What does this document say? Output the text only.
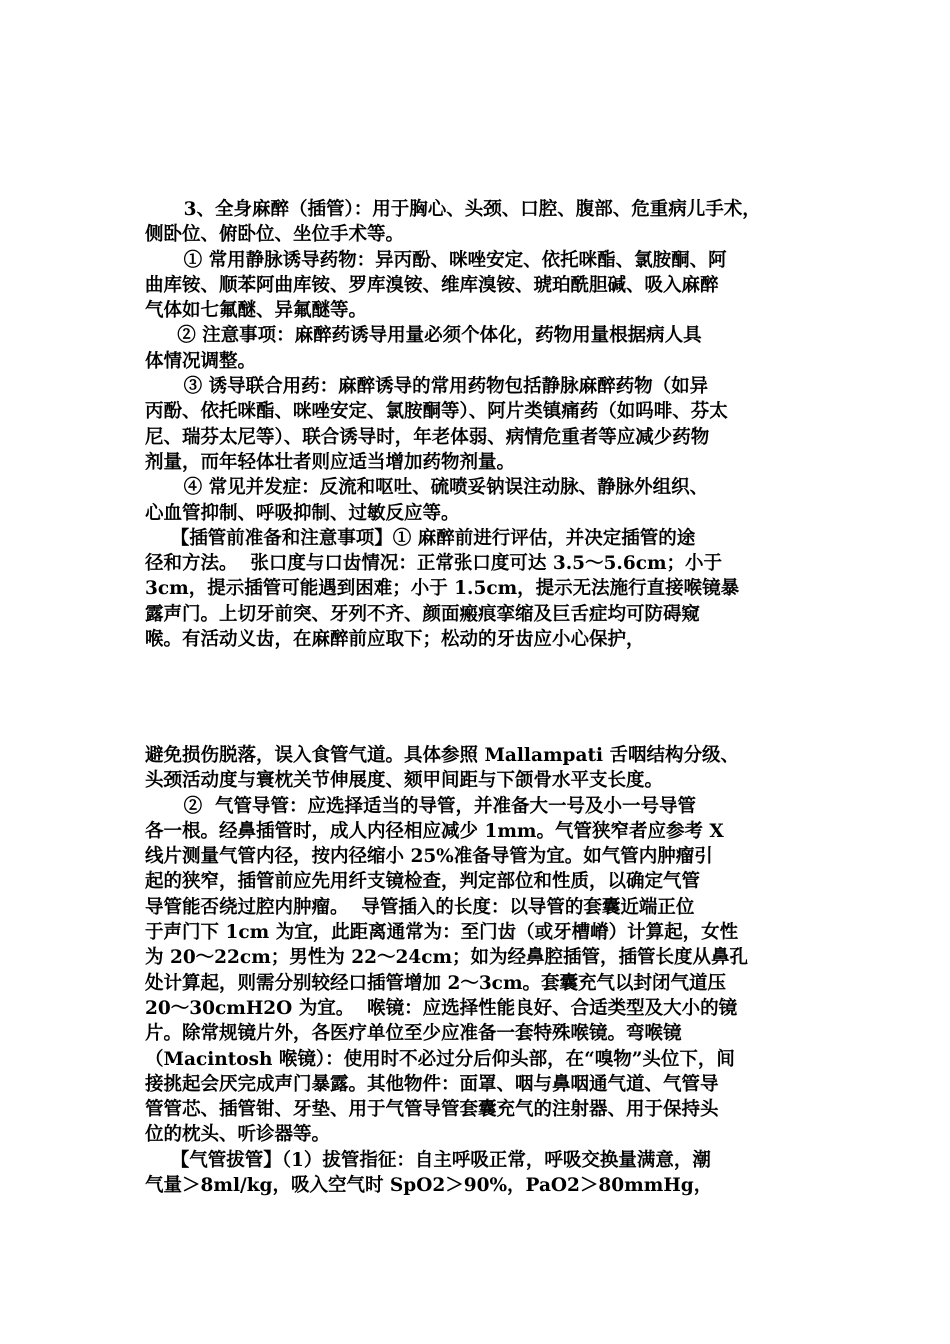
3、全身麻醉（插管）：用于胸心、头颈、口腔、腹部、危重病儿手术，
侧卧位、俯卧位、坐位手术等。
① 常用静脉诱导药物：异丙酚、咪唑安定、依托咪酯、氯胺酮、阿
曲库铵、顺苯阿曲库铵、罗库溴铵、维库溴铵、琥珀酰胆碱、吸入麻醉
气体如七氟醚、异氟醚等。
② 注意事项：麻醉药诱导用量必须个体化，药物用量根据病人具
体情况调整。
③ 诱导联合用药：麻醉诱导的常用药物包括静脉麻醉药物（如异
丙酚、依托咪酯、咪唑安定、氯胺酮等）、阿片类镇痛药（如吗啡、芬太
尼、瑞芬太尼等）、联合诱导时，年老体弱、病情危重者等应减少药物
剂量，而年轻体壮者则应适当增加药物剂量。
④ 常见并发症：反流和呕吐、硫喷妥钠误注动脉、静脉外组织、
心血管抑制、呼吸抑制、过敏反应等。
【插管前准备和注意事项】① 麻醉前进行评估，并决定插管的途
径和方法。  张口度与口齿情况：正常张口度可达 3.5～5.6cm；小于
3cm，提示插管可能遇到困难；小于 1.5cm，提示无法施行直接喉镜暴
露声门。上切牙前突、牙列不齐、颜面瘢痕挛缩及巨舌症均可防碍窥
喉。有活动义齿，在麻醉前应取下；松动的牙齿应小心保护，
避免损伤脱落，误入食管气道。具体参照 Mallampati 舌咽结构分级、
头颈活动度与寰枕关节伸展度、颏甲间距与下颌骨水平支长度。
②  气管导管：应选择适当的导管，并准备大一号及小一号导管
各一根。经鼻插管时，成人内径相应减少 1mm。气管狭窄者应参考 X
线片测量气管内径，按内径缩小 25%准备导管为宜。如气管内肿瘤引
起的狭窄，插管前应先用纤支镜检查，判定部位和性质，以确定气管
导管能否绕过腔内肿瘤。  导管插入的长度：以导管的套囊近端正位
于声门下 1cm 为宜，此距离通常为：至门齿（或牙槽嵴）计算起，女性
为 20～22cm；男性为 22～24cm；如为经鼻腔插管，插管长度从鼻孔
处计算起，则需分别较经口插管增加 2～3cm。套囊充气以封闭气道压
20～30cmH2O 为宜。  喉镜：应选择性能良好、合适类型及大小的镜
片。除常规镜片外，各医疗单位至少应准备一套特殊喉镜。弯喉镜
（Macintosh 喉镜）：使用时不必过分后仰头部，在“嗅物”头位下，间
接挑起会厌完成声门暴露。其他物件：面罩、咽与鼻咽通气道、气管导
管管芯、插管钳、牙垫、用于气管导管套囊充气的注射器、用于保持头
位的枕头、听诊器等。
【气管拔管】（1）拔管指征：自主呼吸正常，呼吸交换量满意，潮
气量＞8ml/kg，吸入空气时 SpO2＞90%，PaO2＞80mmHg，
